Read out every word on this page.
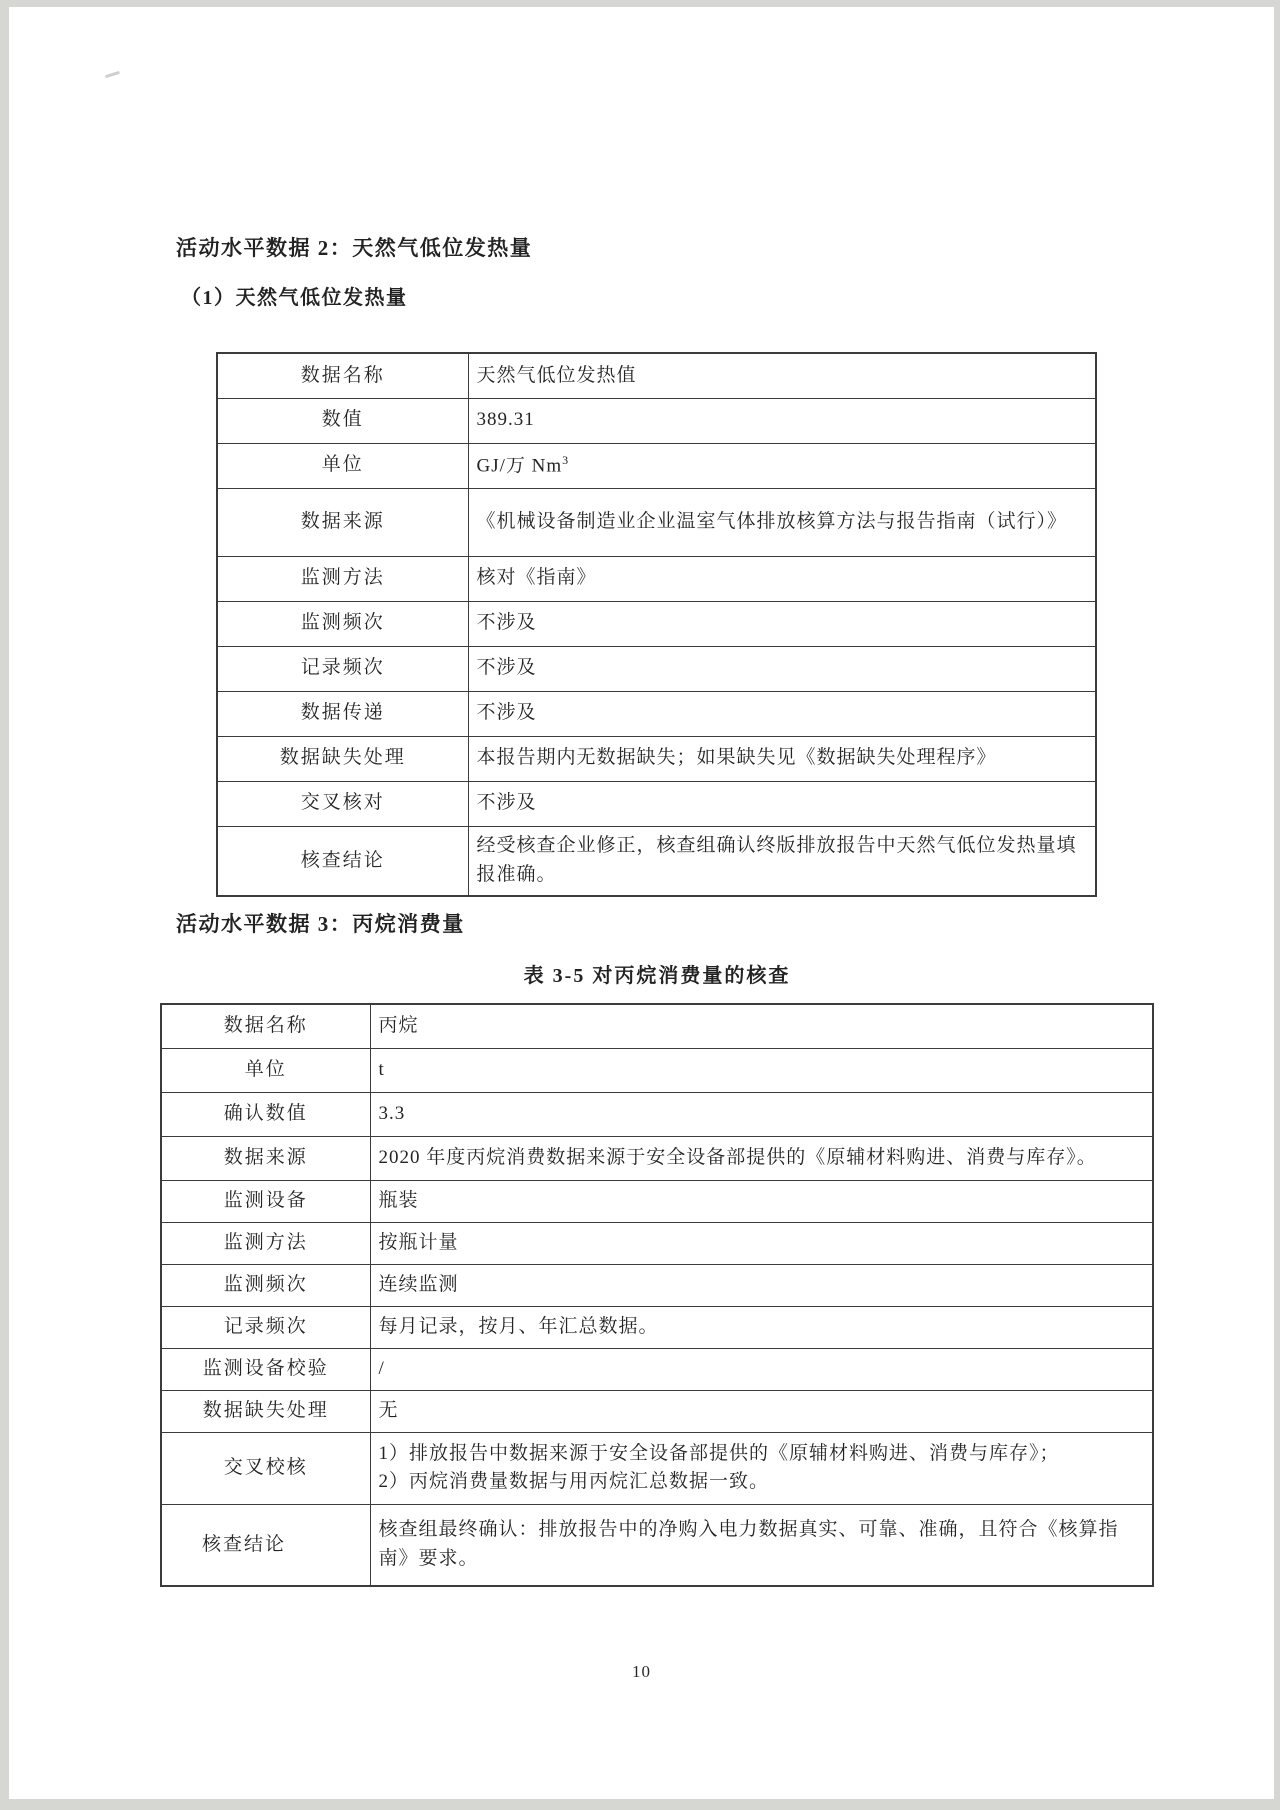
活动水平数据 2：天然气低位发热量
（1）天然气低位发热量
数据名称	天然气低位发热值
数值	389.31
单位	GJ/万 Nm$^3$
数据来源	《机械设备制造业企业温室气体排放核算方法与报告指南（试行）》
监测方法	核对《指南》
监测频次	不涉及
记录频次	不涉及
数据传递	不涉及
数据缺失处理	本报告期内无数据缺失；如果缺失见《数据缺失处理程序》
交叉核对	不涉及
核查结论	经受核查企业修正，核查组确认终版排放报告中天然气低位发热量填报准确。
活动水平数据 3：丙烷消费量
表 3-5 对丙烷消费量的核查
数据名称	丙烷
单位	t
确认数值	3.3
数据来源	2020 年度丙烷消费数据来源于安全设备部提供的《原辅材料购进、消费与库存》。
监测设备	瓶装
监测方法	按瓶计量
监测频次	连续监测
记录频次	每月记录，按月、年汇总数据。
监测设备校验	/
数据缺失处理	无
交叉校核	1）排放报告中数据来源于安全设备部提供的《原辅材料购进、消费与库存》；
2）丙烷消费量数据与用丙烷汇总数据一致。

核查结论	核查组最终确认：排放报告中的净购入电力数据真实、可靠、准确，且符合《核算指南》要求。
10
